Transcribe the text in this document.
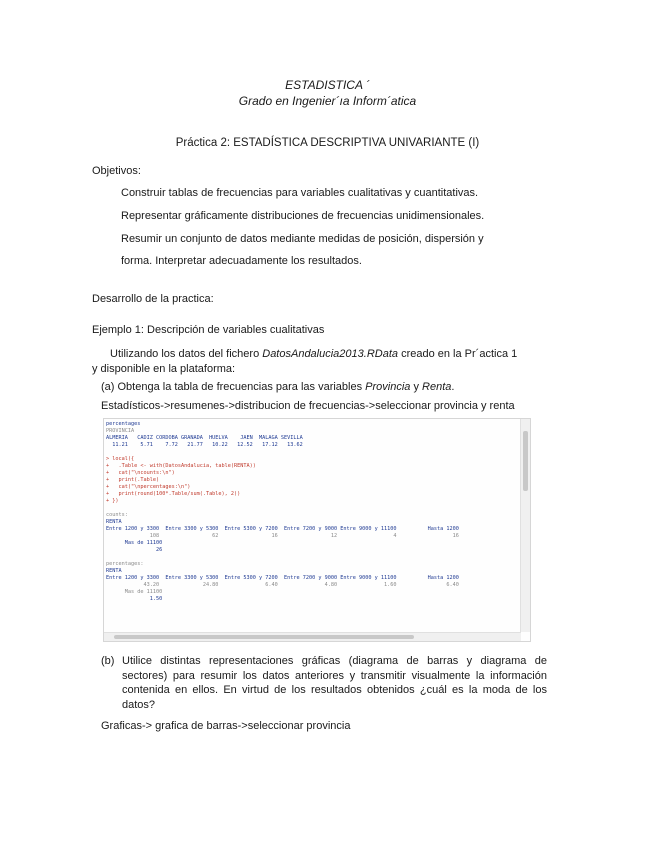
ESTADISTICA ´
Grado en Ingenier´ıa Inform´atica
Práctica 2: ESTADÍSTICA DESCRIPTIVA UNIVARIANTE (I)
Objetivos:
Construir tablas de frecuencias para variables cualitativas y cuantitativas.
Representar gráficamente distribuciones de frecuencias unidimensionales.
Resumir un conjunto de datos mediante medidas de posición, dispersión y
forma. Interpretar adecuadamente los resultados.
Desarrollo de la practica:
Ejemplo 1: Descripción de variables cualitativas
Utilizando los datos del fichero DatosAndalucia2013.RData creado en la Pr´actica 1
y disponible en la plataforma:
(a) Obtenga la tabla de frecuencias para las variables Provincia y Renta.
Estadísticos->resumenes->distribucion de frecuencias->seleccionar provincia y renta
percentages
PROVINCIA
ALMERIA   CADIZ CORDOBA GRANADA  HUELVA    JAEN  MALAGA SEVILLA
11.21    5.71    7.72   21.77   10.22   12.52   17.12   13.62

> local({
+   .Table <- with(DatosAndalucia, table(RENTA))
+   cat("\ncounts:\n")
+   print(.Table)
+   cat("\npercentages:\n")
+   print(round(100*.Table/sum(.Table), 2))
+ })

counts:
RENTA
Entre 1200 y 3300  Entre 3300 y 5300  Entre 5300 y 7200  Entre 7200 y 9000 Entre 9000 y 11100          Hasta 1200
108                 62                 16                 12                  4                  16
Mas de 11100
26

percentages:
RENTA
Entre 1200 y 3300  Entre 3300 y 5300  Entre 5300 y 7200  Entre 7200 y 9000 Entre 9000 y 11100          Hasta 1200
43.20              24.80               6.40               4.80               1.60                6.40
Mas de 11100
1.50
(b) Utilice distintas representaciones gráficas (diagrama de barras y diagrama de sectores) para resumir los datos anteriores y transmitir visualmente la información contenida en ellos. En virtud de los resultados obtenidos ¿cuál es la moda de los datos?
Graficas-> grafica de barras->seleccionar provincia
